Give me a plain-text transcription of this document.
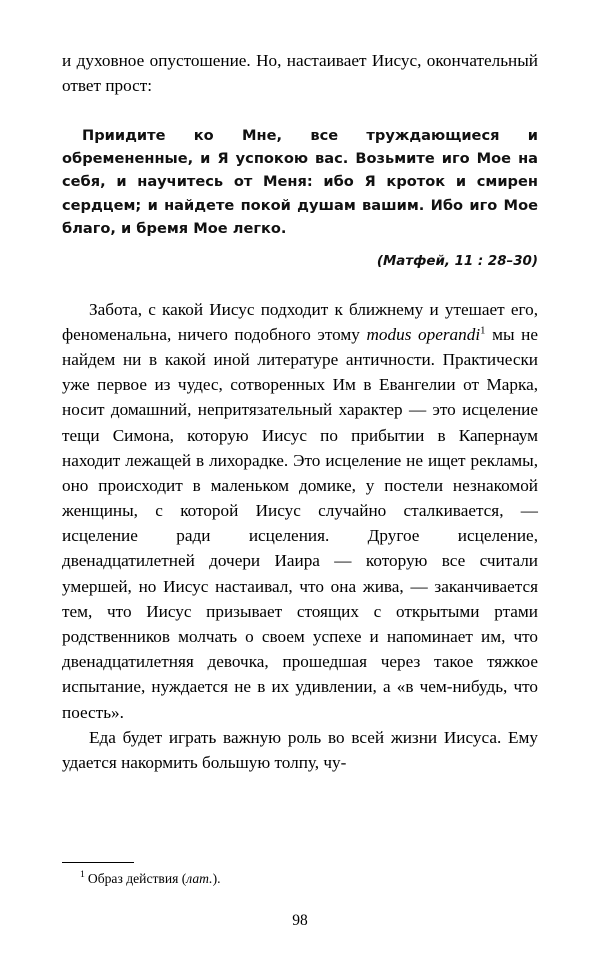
и духовное опустошение. Но, настаивает Иисус, окончательный ответ прост:

Приидите ко Мне, все труждающиеся и обремененные, и Я успокою вас. Возьмите иго Мое на себя, и научитесь от Меня: ибо Я кроток и смирен сердцем; и найдете покой душам вашим. Ибо иго Мое благо, и бремя Мое легко.

(Матфей, 11 : 28–30)

Забота, с какой Иисус подходит к ближнему и утешает его, феноменальна, ничего подобного этому modus operandi$^1$ мы не найдем ни в какой иной литературе античности. Практически уже первое из чудес, сотворенных Им в Евангелии от Марка, носит домашний, непритязательный характер — это исцеление тещи Симона, которую Иисус по прибытии в Капернаум находит лежащей в лихорадке. Это исцеление не ищет рекламы, оно происходит в маленьком домике, у постели незнакомой женщины, с которой Иисус случайно сталкивается, — исцеление ради исцеления. Другое исцеление, двенадцатилетней дочери Иаира — которую все считали умершей, но Иисус настаивал, что она жива, — заканчивается тем, что Иисус призывает стоящих с открытыми ртами родственников молчать о своем успехе и напоминает им, что двенадцатилетняя девочка, прошедшая через такое тяжкое испытание, нуждается не в их удивлении, а «в чем-нибудь, что поесть».

Еда будет играть важную роль во всей жизни Иисуса. Ему удается накормить большую толпу, чу-

$^1$ Образ действия (лат.).

98
